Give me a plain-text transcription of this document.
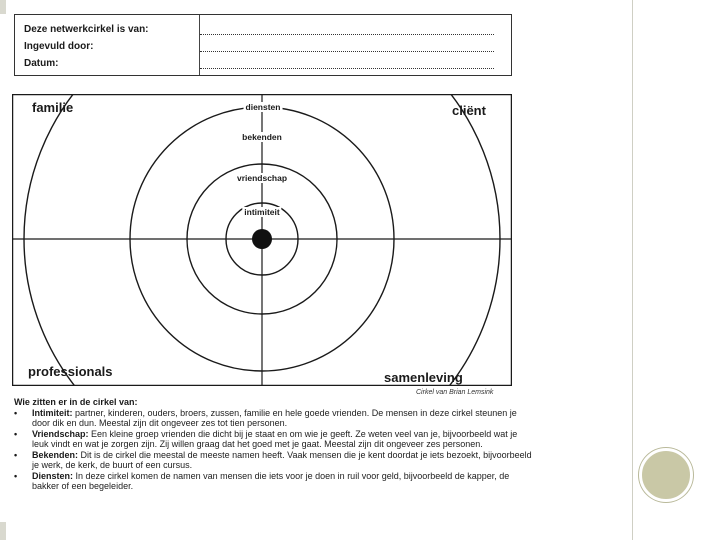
Deze netwerkcirkel is van:
Ingevuld door:
Datum:
familie	cliënt
professionals	samenleving
diensten
bekenden
vriendschap
intimiteit
Cirkel van Brian Lemsink
Wie zitten er in de cirkel van:
•	Intimiteit: partner, kinderen, ouders, broers, zussen, familie en hele goede vrienden. De mensen in deze cirkel steunen je door dik en dun. Meestal zijn dit ongeveer zes tot tien personen.
•	Vriendschap: Een kleine groep vrienden die dicht bij je staat en om wie je geeft. Ze weten veel van je, bijvoorbeeld wat je leuk vindt en wat je zorgen zijn. Zij willen graag dat het goed met je gaat. Meestal zijn dit ongeveer zes personen.
•	Bekenden: Dit is de cirkel die meestal de meeste namen heeft. Vaak mensen die je kent doordat je iets bezoekt, bijvoorbeeld je werk, de kerk, de buurt of een cursus.
•	Diensten: In deze cirkel komen de namen van mensen die iets voor je doen in ruil voor geld, bijvoorbeeld de kapper, de bakker of een begeleider.
